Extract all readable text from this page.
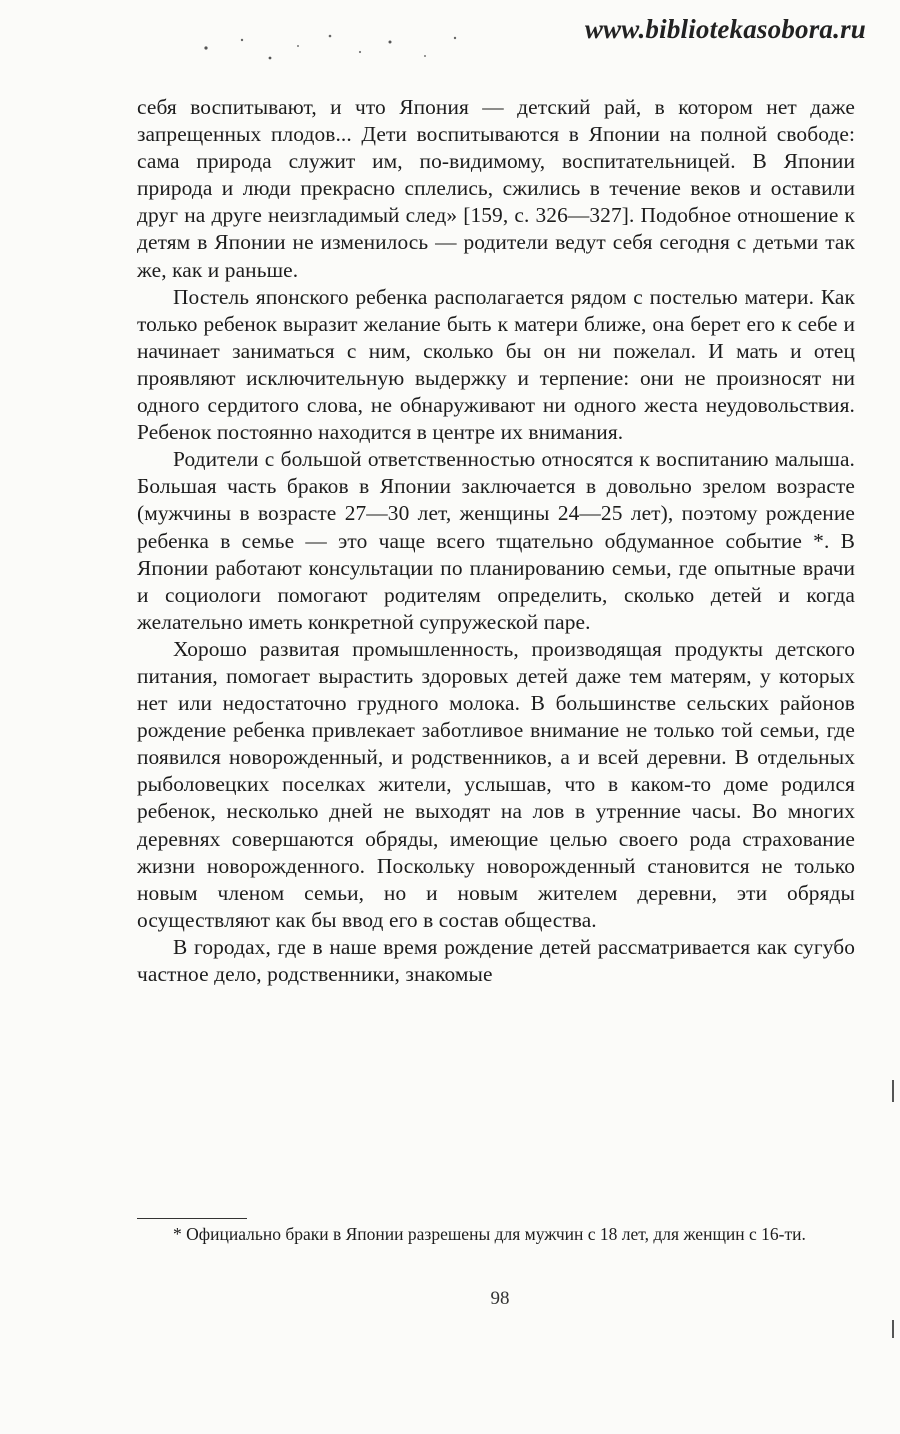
www.bibliotekasobora.ru

себя воспитывают, и что Япония — детский рай, в котором нет даже запрещенных плодов... Дети воспитываются в Японии на полной свободе: сама природа служит им, по-видимому, воспитательницей. В Японии природа и люди прекрасно сплелись, сжились в течение веков и оставили друг на друге неизгладимый след» [159, с. 326—327]. Подобное отношение к детям в Японии не изменилось — родители ведут себя сегодня с детьми так же, как и раньше.

Постель японского ребенка располагается рядом с постелью матери. Как только ребенок выразит желание быть к матери ближе, она берет его к себе и начинает заниматься с ним, сколько бы он ни пожелал. И мать и отец проявляют исключительную выдержку и терпение: они не произносят ни одного сердитого слова, не обнаруживают ни одного жеста неудовольствия. Ребенок постоянно находится в центре их внимания.

Родители с большой ответственностью относятся к воспитанию малыша. Большая часть браков в Японии заключается в довольно зрелом возрасте (мужчины в возрасте 27—30 лет, женщины 24—25 лет), поэтому рождение ребенка в семье — это чаще всего тщательно обдуманное событие *. В Японии работают консультации по планированию семьи, где опытные врачи и социологи помогают родителям определить, сколько детей и когда желательно иметь конкретной супружеской паре.

Хорошо развитая промышленность, производящая продукты детского питания, помогает вырастить здоровых детей даже тем матерям, у которых нет или недостаточно грудного молока. В большинстве сельских районов рождение ребенка привлекает заботливое внимание не только той семьи, где появился новорожденный, и родственников, а и всей деревни. В отдельных рыболовецких поселках жители, услышав, что в каком-то доме родился ребенок, несколько дней не выходят на лов в утренние часы. Во многих деревнях совершаются обряды, имеющие целью своего рода страхование жизни новорожденного. Поскольку новорожденный становится не только новым членом семьи, но и новым жителем деревни, эти обряды осуществляют как бы ввод его в состав общества.

В городах, где в наше время рождение детей рассматривается как сугубо частное дело, родственники, знакомые

* Официально браки в Японии разрешены для мужчин с 18 лет, для женщин с 16-ти.

98
